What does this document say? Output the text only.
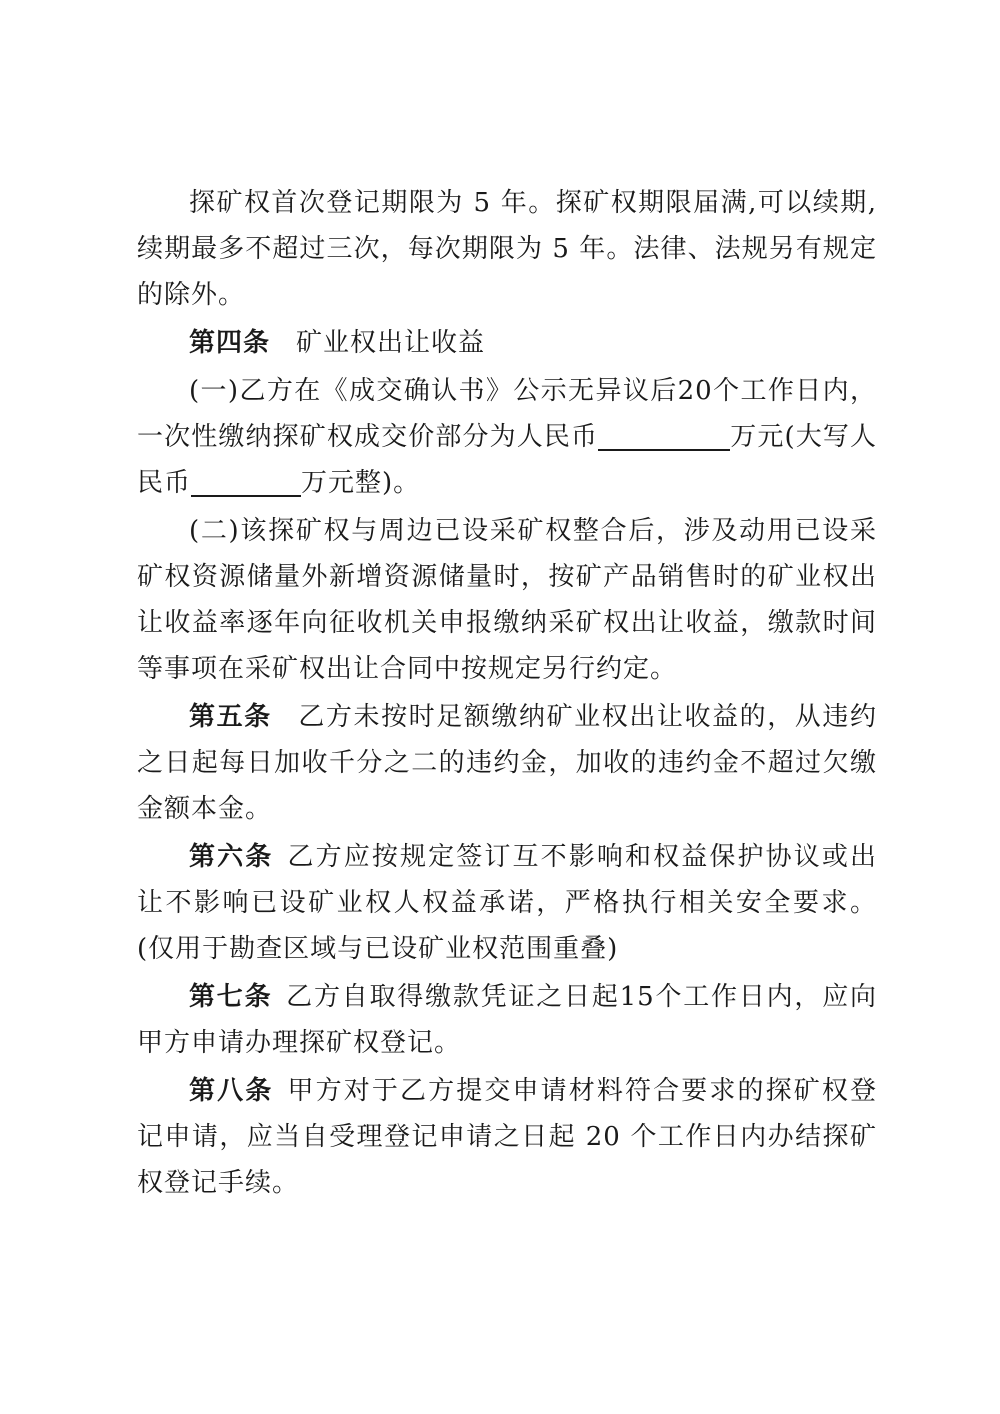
探矿权首次登记期限为 5 年。探矿权期限届满,可以续期,续期最多不超过三次，每次期限为 5 年。法律、法规另有规定的除外。

第四条 矿业权出让收益

(一)乙方在《成交确认书》公示无异议后20个工作日内，一次性缴纳探矿权成交价部分为人民币	万元(大写人民币	万元整)。

(二)该探矿权与周边已设采矿权整合后，涉及动用已设采矿权资源储量外新增资源储量时，按矿产品销售时的矿业权出让收益率逐年向征收机关申报缴纳采矿权出让收益，缴款时间等事项在采矿权出让合同中按规定另行约定。

第五条 乙方未按时足额缴纳矿业权出让收益的，从违约之日起每日加收千分之二的违约金，加收的违约金不超过欠缴金额本金。

第六条 乙方应按规定签订互不影响和权益保护协议或出让不影响已设矿业权人权益承诺，严格执行相关安全要求。(仅用于勘查区域与已设矿业权范围重叠)

第七条 乙方自取得缴款凭证之日起15个工作日内，应向甲方申请办理探矿权登记。

第八条 甲方对于乙方提交申请材料符合要求的探矿权登记申请，应当自受理登记申请之日起 20 个工作日内办结探矿权登记手续。
